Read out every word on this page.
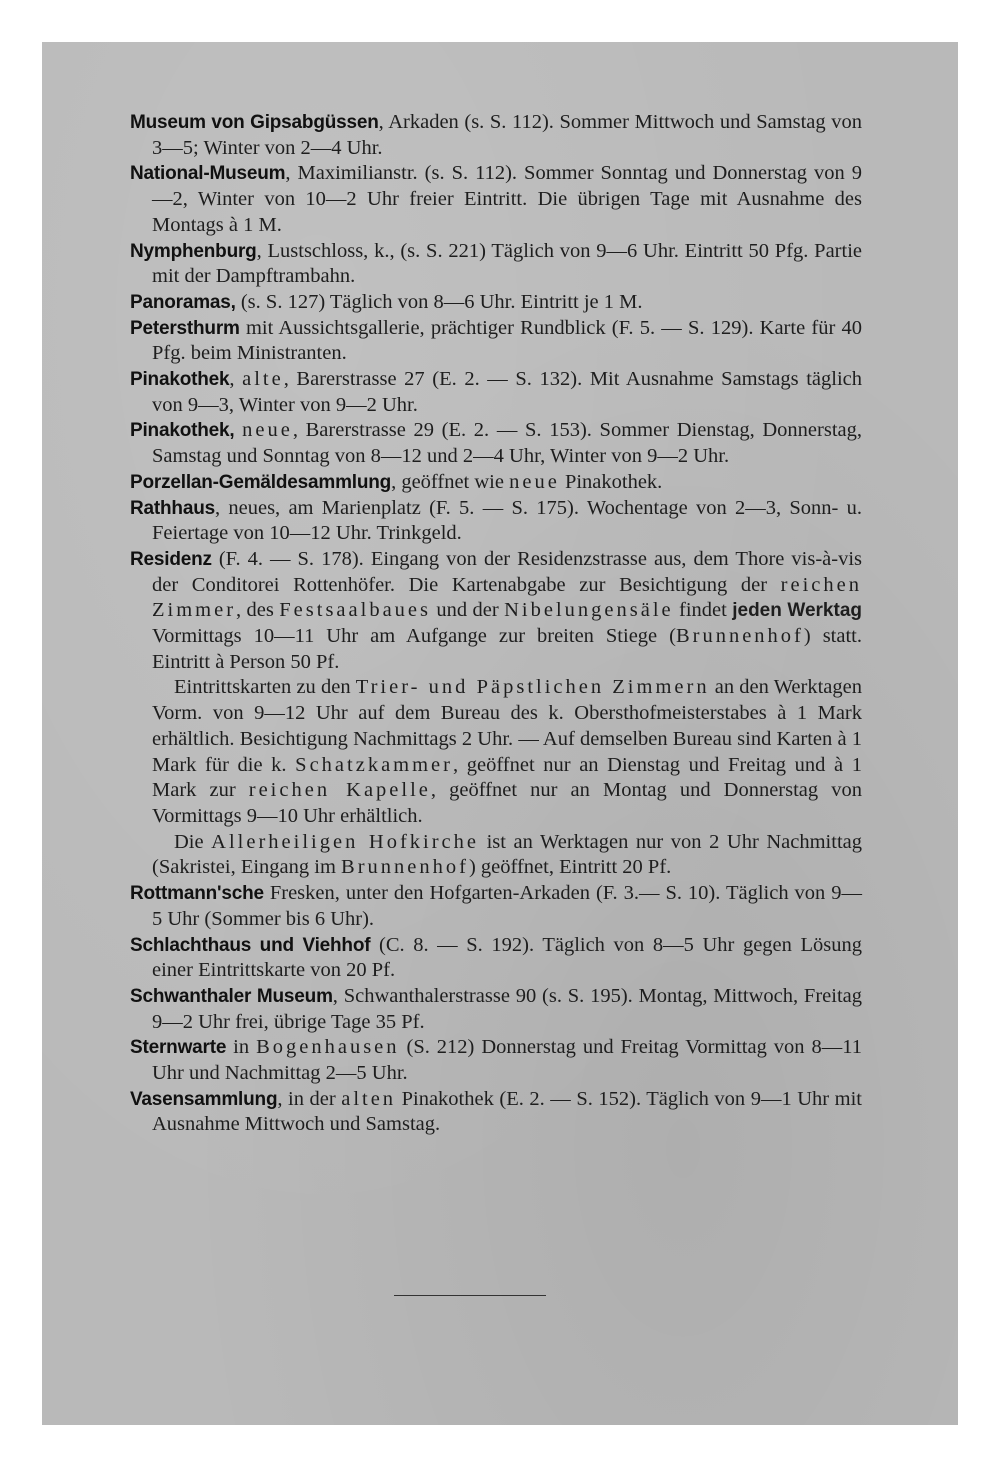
Museum von Gipsabgüssen, Arkaden (s. S. 112). Sommer Mittwoch und Samstag von 3—5; Winter von 2—4 Uhr.

National-Museum, Maximilianstr. (s. S. 112). Sommer Sonntag und Donnerstag von 9—2, Winter von 10—2 Uhr freier Eintritt. Die übrigen Tage mit Ausnahme des Montags à 1 M.

Nymphenburg, Lustschloss, k., (s. S. 221) Täglich von 9—6 Uhr. Eintritt 50 Pfg. Partie mit der Dampftrambahn.

Panoramas, (s. S. 127) Täglich von 8—6 Uhr. Eintritt je 1 M.

Petersthurm mit Aussichtsgallerie, prächtiger Rundblick (F. 5. — S. 129). Karte für 40 Pfg. beim Ministranten.

Pinakothek, alte, Barerstrasse 27 (E. 2. — S. 132). Mit Ausnahme Samstags täglich von 9—3, Winter von 9—2 Uhr.

Pinakothek, neue, Barerstrasse 29 (E. 2. — S. 153). Sommer Dienstag, Donnerstag, Samstag und Sonntag von 8—12 und 2—4 Uhr, Winter von 9—2 Uhr.

Porzellan-Gemäldesammlung, geöffnet wie neue Pinakothek.

Rathhaus, neues, am Marienplatz (F. 5. — S. 175). Wochentage von 2—3, Sonn- u. Feiertage von 10—12 Uhr. Trinkgeld.

Residenz (F. 4. — S. 178). Eingang von der Residenzstrasse aus, dem Thore vis-à-vis der Conditorei Rottenhöfer. Die Kartenabgabe zur Besichtigung der reichen Zimmer, des Festsaalbaues und der Nibelungensäle findet jeden Werktag Vormittags 10—11 Uhr am Aufgange zur breiten Stiege (Brunnenhof) statt. Eintritt à Person 50 Pf.

Eintrittskarten zu den Trier- und Päpstlichen Zimmern an den Werktagen Vorm. von 9—12 Uhr auf dem Bureau des k. Obersthofmeisterstabes à 1 Mark erhältlich. Besichtigung Nachmittags 2 Uhr. — Auf demselben Bureau sind Karten à 1 Mark für die k. Schatzkammer, geöffnet nur an Dienstag und Freitag und à 1 Mark zur reichen Kapelle, geöffnet nur an Montag und Donnerstag von Vormittags 9—10 Uhr erhältlich.

Die Allerheiligen Hofkirche ist an Werktagen nur von 2 Uhr Nachmittag (Sakristei, Eingang im Brunnenhof) geöffnet, Eintritt 20 Pf.

Rottmann'sche Fresken, unter den Hofgarten-Arkaden (F. 3.— S. 10). Täglich von 9—5 Uhr (Sommer bis 6 Uhr).

Schlachthaus und Viehhof (C. 8. — S. 192). Täglich von 8—5 Uhr gegen Lösung einer Eintrittskarte von 20 Pf.

Schwanthaler Museum, Schwanthalerstrasse 90 (s. S. 195). Montag, Mittwoch, Freitag 9—2 Uhr frei, übrige Tage 35 Pf.

Sternwarte in Bogenhausen (S. 212) Donnerstag und Freitag Vormittag von 8—11 Uhr und Nachmittag 2—5 Uhr.

Vasensammlung, in der alten Pinakothek (E. 2. — S. 152). Täglich von 9—1 Uhr mit Ausnahme Mittwoch und Samstag.
